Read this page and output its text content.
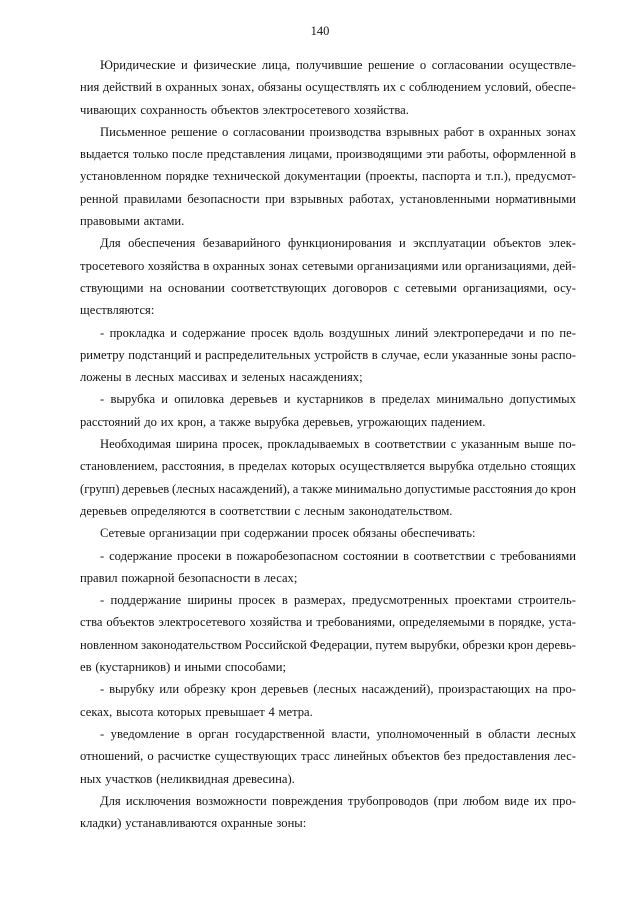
140
Юридические и физические лица, получившие решение о согласовании осуществле-
ния действий в охранных зонах, обязаны осуществлять их с соблюдением условий, обеспе-
чивающих сохранность объектов электросетевого хозяйства.
Письменное решение о согласовании производства взрывных работ в охранных зонах
выдается только после представления лицами, производящими эти работы, оформленной в
установленном порядке технической документации (проекты, паспорта и т.п.), предусмот-
ренной правилами безопасности при взрывных работах, установленными нормативными
правовыми актами.
Для обеспечения безаварийного функционирования и эксплуатации объектов элек-
тросетевого хозяйства в охранных зонах сетевыми организациями или организациями, дей-
ствующими на основании соответствующих договоров с сетевыми организациями, осу-
ществляются:
- прокладка и содержание просек вдоль воздушных линий электропередачи и по пе-
риметру подстанций и распределительных устройств в случае, если указанные зоны распо-
ложены в лесных массивах и зеленых насаждениях;
- вырубка и опиловка деревьев и кустарников в пределах минимально допустимых
расстояний до их крон, а также вырубка деревьев, угрожающих падением.
Необходимая ширина просек, прокладываемых в соответствии с указанным выше по-
становлением, расстояния, в пределах которых осуществляется вырубка отдельно стоящих
(групп) деревьев (лесных насаждений), а также минимально допустимые расстояния до крон
деревьев определяются в соответствии с лесным законодательством.
Сетевые организации при содержании просек обязаны обеспечивать:
- содержание просеки в пожаробезопасном состоянии в соответствии с требованиями
правил пожарной безопасности в лесах;
- поддержание ширины просек в размерах, предусмотренных проектами строитель-
ства объектов электросетевого хозяйства и требованиями, определяемыми в порядке, уста-
новленном законодательством Российской Федерации, путем вырубки, обрезки крон деревь-
ев (кустарников) и иными способами;
- вырубку или обрезку крон деревьев (лесных насаждений), произрастающих на про-
секах, высота которых превышает 4 метра.
- уведомление в орган государственной власти, уполномоченный в области лесных
отношений, о расчистке существующих трасс линейных объектов без предоставления лес-
ных участков (неликвидная древесина).
Для исключения возможности повреждения трубопроводов (при любом виде их про-
кладки) устанавливаются охранные зоны:
